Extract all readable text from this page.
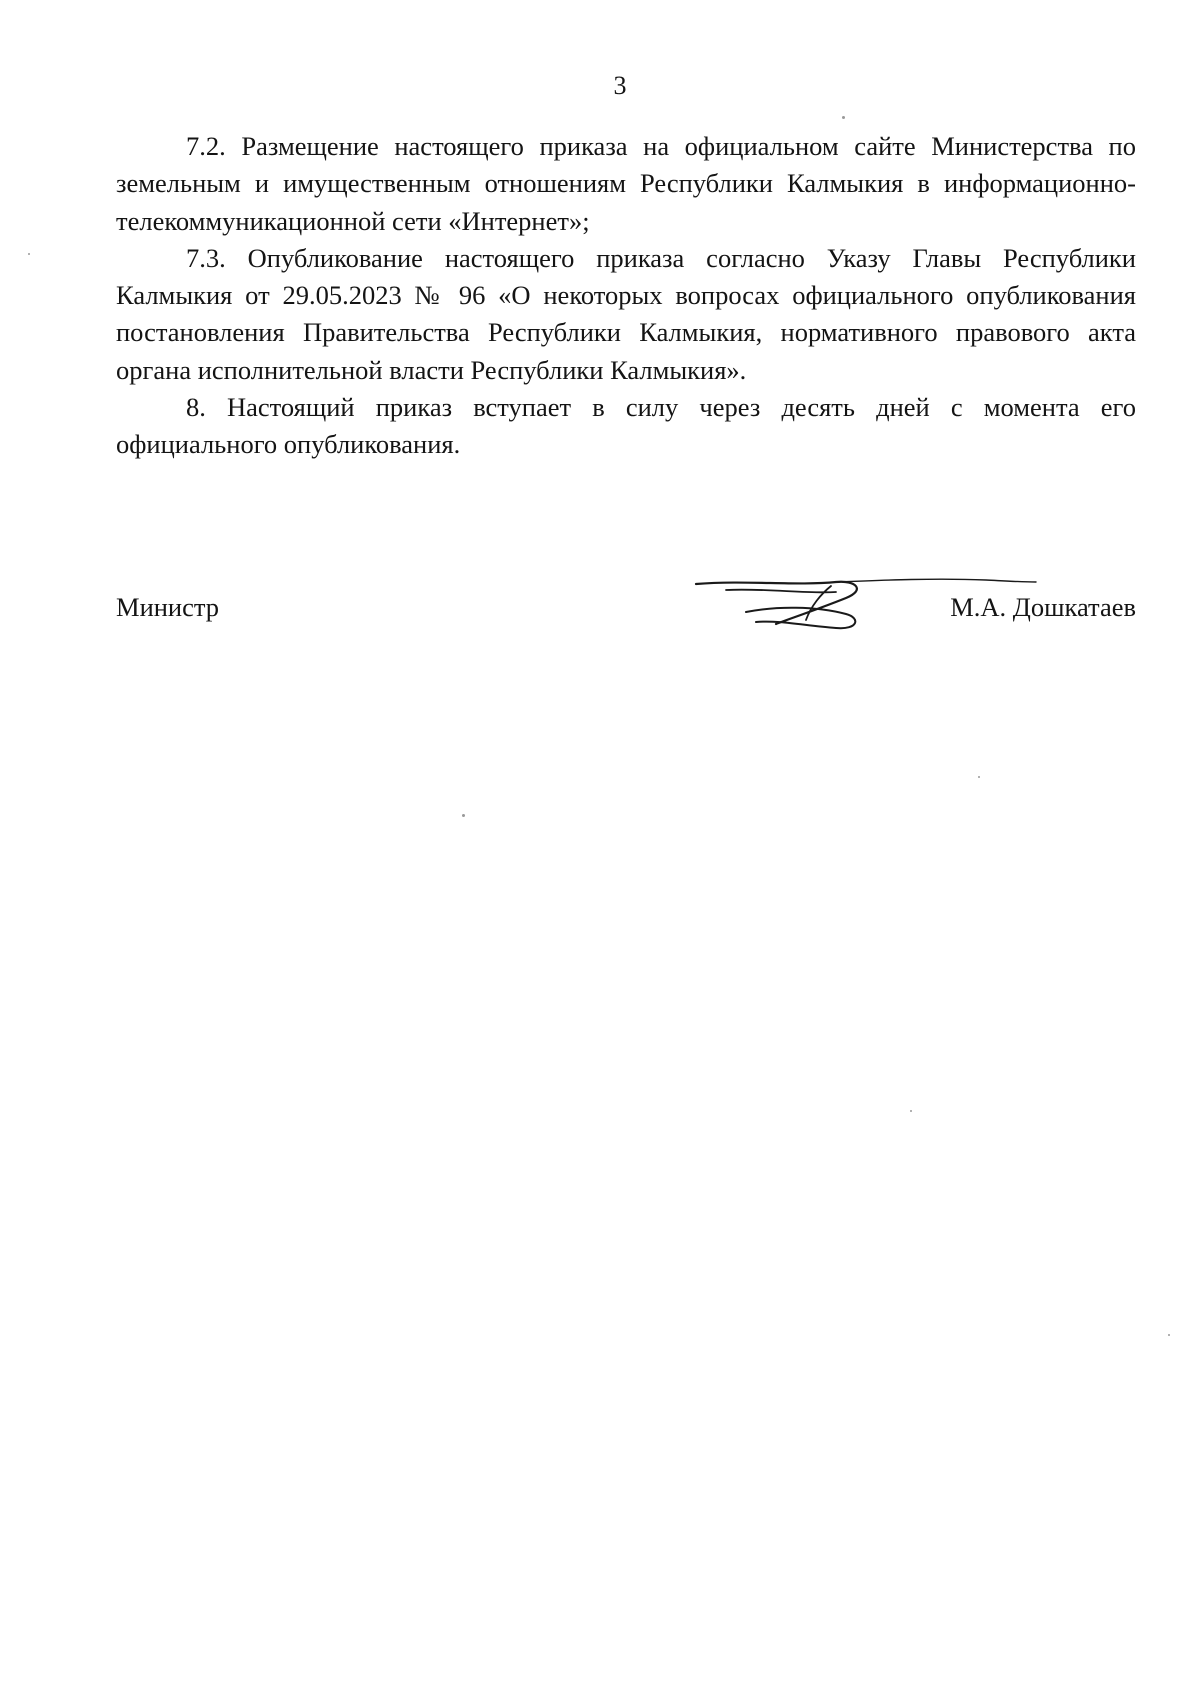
3

7.2. Размещение настоящего приказа на официальном сайте Министерства по земельным и имущественным отношениям Республики Калмыкия в информационно-телекоммуникационной сети «Интернет»;

7.3. Опубликование настоящего приказа согласно Указу Главы Республики Калмыкия от 29.05.2023 № 96 «О некоторых вопросах официального опубликования постановления Правительства Республики Калмыкия, нормативного правового акта органа исполнительной власти Республики Калмыкия».

8. Настоящий приказ вступает в силу через десять дней с момента его официального опубликования.

Министр	М.А. Дошкатаев
